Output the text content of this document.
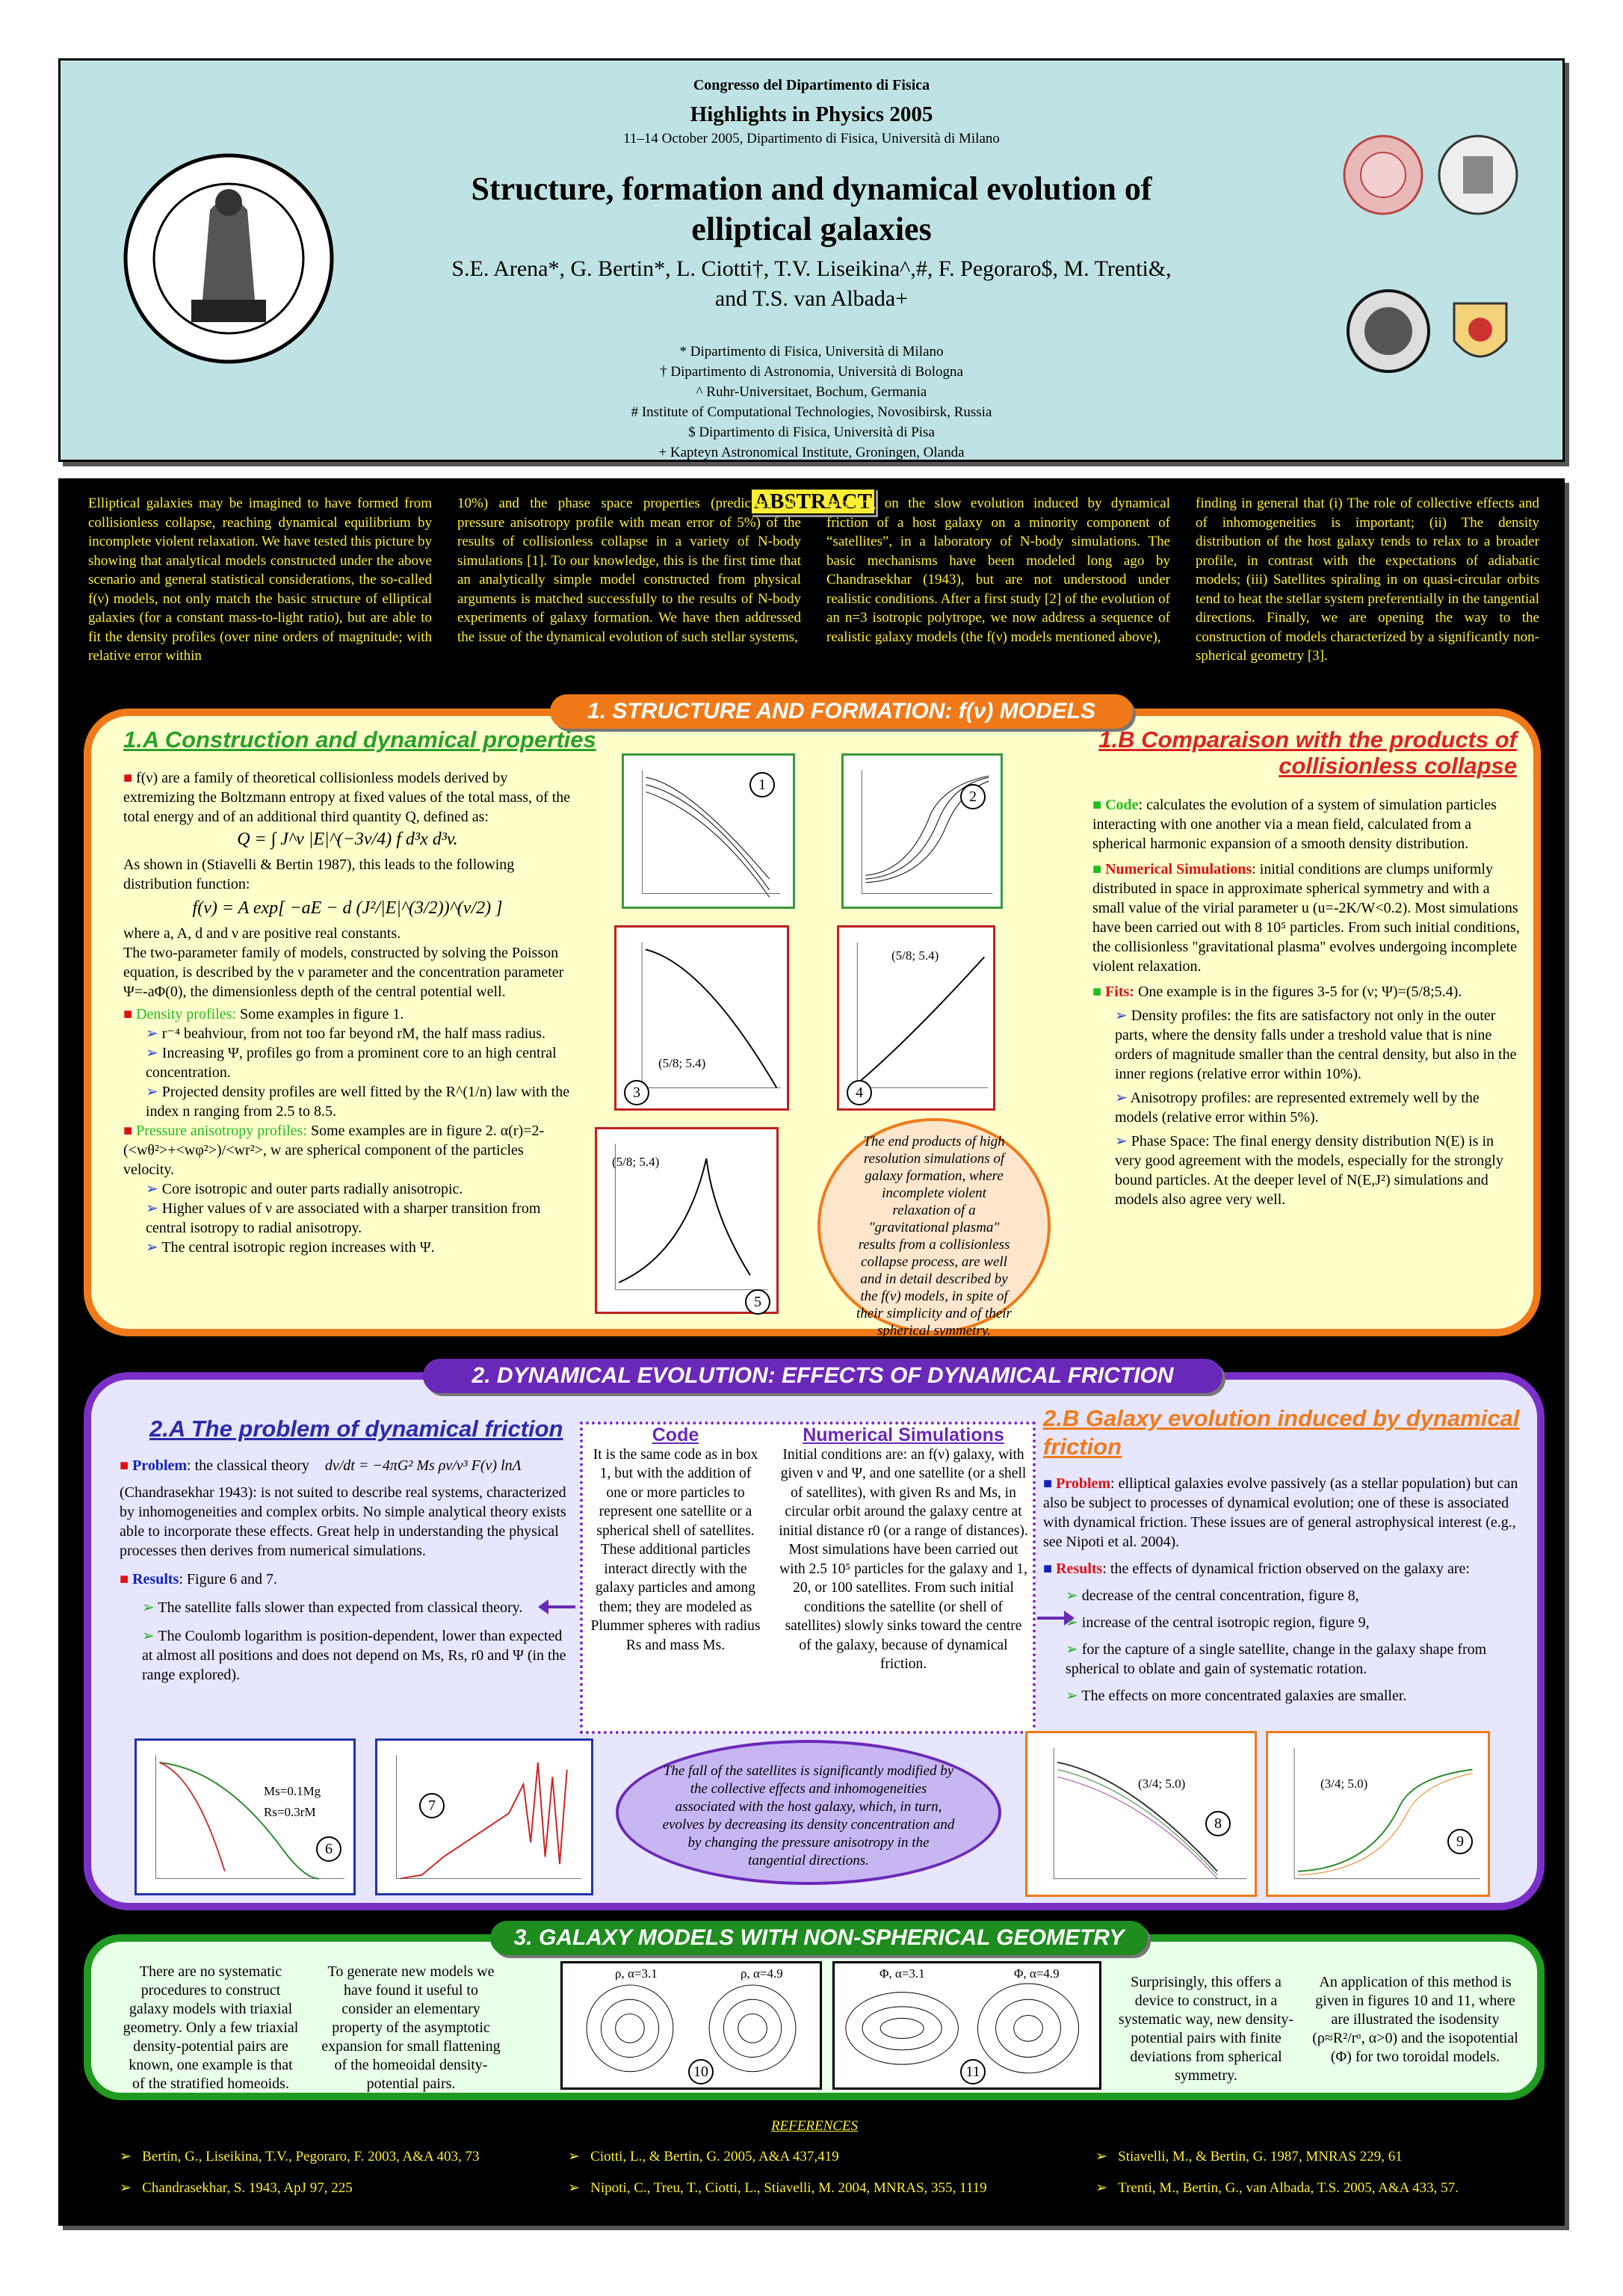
Congresso del Dipartimento di Fisica
Highlights in Physics 2005
11–14 October 2005, Dipartimento di Fisica, Università di Milano
Structure, formation and dynamical evolution of
elliptical galaxies
S.E. Arena*, G. Bertin*, L. Ciotti†, T.V. Liseikina^,#, F. Pegoraro$, M. Trenti&,
and T.S. van Albada+
* Dipartimento di Fisica, Università di Milano
† Dipartimento di Astronomia, Università di Bologna
^ Ruhr-Universitaet, Bochum, Germania
# Institute of Computational Technologies, Novosibirsk, Russia
$ Dipartimento di Fisica, Università di Pisa
+ Kapteyn Astronomical Institute, Groningen, Olanda
ABSTRACT
Elliptical galaxies may be imagined to have formed from collisionless collapse, reaching dynamical equilibrium by incomplete violent relaxation. We have tested this picture by showing that analytical models constructed under the above scenario and general statistical considerations, the so-called f(ν) models, not only match the basic structure of elliptical galaxies (for a constant mass-to-light ratio), but are able to fit the density profiles (over nine orders of magnitude; with relative error within
10%) and the phase space properties (predicting the pressure anisotropy profile with mean error of 5%) of the results of collisionless collapse in a variety of N-body simulations [1]. To our knowledge, this is the first time that an analytically simple model constructed from physical arguments is matched successfully to the results of N-body experiments of galaxy formation. We have then addressed the issue of the dynamical evolution of such stellar systems,
focusing on the slow evolution induced by dynamical friction of a host galaxy on a minority component of “satellites”, in a laboratory of N-body simulations. The basic mechanisms have been modeled long ago by Chandrasekhar (1943), but are not understood under realistic conditions. After a first study [2] of the evolution of an n=3 isotropic polytrope, we now address a sequence of realistic galaxy models (the f(ν) models mentioned above),
finding in general that (i) The role of collective effects and of inhomogeneities is important; (ii) The density distribution of the host galaxy tends to relax to a broader profile, in contrast with the expectations of adiabatic models; (iii) Satellites spiraling in on quasi-circular orbits tend to heat the stellar system preferentially in the tangential directions. Finally, we are opening the way to the construction of models characterized by a significantly non-spherical geometry [3].
1. STRUCTURE AND FORMATION: f(ν) MODELS
1.A Construction and dynamical properties
■ f(ν) are a family of theoretical collisionless models derived by extremizing the Boltzmann entropy at fixed values of the total mass, of the total energy and of an additional third quantity Q, defined as:
Q = ∫ J^ν |E|^(−3ν/4) f d³x d³v.
As shown in (Stiavelli & Bertin 1987), this leads to the following distribution function:
f(ν) = A exp[ −aE − d (J²/|E|^(3/2))^(ν/2) ]
where a, A, d and ν are positive real constants.
The two-parameter family of models, constructed by solving the Poisson equation, is described by the ν parameter and the concentration parameter Ψ=-aΦ(0), the dimensionless depth of the central potential well.
■ Density profiles: Some examples in figure 1.
➢ r⁻⁴ beahviour, from not too far beyond rM, the half mass radius.
➢ Increasing Ψ, profiles go from a prominent core to an high central concentration.
➢ Projected density profiles are well fitted by the R^(1/n) law with the index n ranging from 2.5 to 8.5.
■ Pressure anisotropy profiles: Some examples are in figure 2. α(r)=2-(<wθ²>+<wφ²>)/<wr²>, w are spherical component of the particles velocity.
➢ Core isotropic and outer parts radially anisotropic.
➢ Higher values of ν are associated with a sharper transition from central isotropy to radial anisotropy.
➢ The central isotropic region increases with Ψ.
1
2
(5/8; 5.4)
3
(5/8; 5.4)
4
(5/8; 5.4)
5
The end products of high resolution simulations of galaxy formation, where incomplete violent relaxation of a "gravitational plasma" results from a collisionless collapse process, are well and in detail described by the f(ν) models, in spite of their simplicity and of their spherical symmetry.
1.B Comparaison with the products of
collisionless collapse
■ Code: calculates the evolution of a system of simulation particles interacting with one another via a mean field, calculated from a spherical harmonic expansion of a smooth density distribution.
■ Numerical Simulations: initial conditions are clumps uniformly distributed in space in approximate spherical symmetry and with a small value of the virial parameter u (u=-2K/W<0.2). Most simulations have been carried out with 8 10⁵ particles. From such initial conditions, the collisionless "gravitational plasma" evolves undergoing incomplete violent relaxation.
■ Fits: One example is in the figures 3-5 for (ν; Ψ)=(5/8;5.4).
➢ Density profiles: the fits are satisfactory not only in the outer parts, where the density falls under a treshold value that is nine orders of magnitude smaller than the central density, but also in the inner regions (relative error within 10%).
➢ Anisotropy profiles: are represented extremely well by the models (relative error within 5%).
➢ Phase Space: The final energy density distribution N(E) is in very good agreement with the models, especially for the strongly bound particles. At the deeper level of N(E,J²) simulations and models also agree very well.
2. DYNAMICAL EVOLUTION: EFFECTS OF DYNAMICAL FRICTION
2.A The problem of dynamical friction
■ Problem: the classical theory dv/dt = −4πG² Ms ρv/v³ F(v) lnΛ
(Chandrasekhar 1943): is not suited to describe real systems, characterized by inhomogeneities and complex orbits. No simple analytical theory exists able to incorporate these effects. Great help in understanding the physical processes then derives from numerical simulations.
■ Results: Figure 6 and 7.
➢ The satellite falls slower than expected from classical theory.
➢ The Coulomb logarithm is position-dependent, lower than expected at almost all positions and does not depend on Ms, Rs, r0 and Ψ (in the range explored).
Code
It is the same code as in box 1, but with the addition of one or more particles to represent one satellite or a spherical shell of satellites. These additional particles interact directly with the galaxy particles and among them; they are modeled as Plummer spheres with radius Rs and mass Ms.
Numerical Simulations
Initial conditions are: an f(ν) galaxy, with given ν and Ψ, and one satellite (or a shell of satellites), with given Rs and Ms, in circular orbit around the galaxy centre at initial distance r0 (or a range of distances). Most simulations have been carried out with 2.5 10⁵ particles for the galaxy and 1, 20, or 100 satellites. From such initial conditions the satellite (or shell of satellites) slowly sinks toward the centre of the galaxy, because of dynamical friction.
2.B Galaxy evolution induced by dynamical
friction
■ Problem: elliptical galaxies evolve passively (as a stellar population) but can also be subject to processes of dynamical evolution; one of these is associated with dynamical friction. These issues are of general astrophysical interest (e.g., see Nipoti et al. 2004).
■ Results: the effects of dynamical friction observed on the galaxy are:
➢ decrease of the central concentration, figure 8,
➢ increase of the central isotropic region, figure 9,
➢ for the capture of a single satellite, change in the galaxy shape from spherical to oblate and gain of systematic rotation.
➢ The effects on more concentrated galaxies are smaller.
Ms=0.1Mg
Rs=0.3rM
6
7
The fall of the satellites is significantly modified by the collective effects and inhomogeneities associated with the host galaxy, which, in turn, evolves by decreasing its density concentration and by changing the pressure anisotropy in the tangential directions.
(3/4; 5.0)
8
(3/4; 5.0)
9
3. GALAXY MODELS WITH NON-SPHERICAL GEOMETRY
There are no systematic procedures to construct galaxy models with triaxial geometry. Only a few triaxial density-potential pairs are known, one example is that of the stratified homeoids.
To generate new models we have found it useful to consider an elementary property of the asymptotic expansion for small flattening of the homeoidal density-potential pairs.
ρ, α=3.1	ρ, α=4.9
10
Φ, α=3.1	Φ, α=4.9
11
Surprisingly, this offers a device to construct, in a systematic way, new density-potential pairs with finite deviations from spherical symmetry.
An application of this method is given in figures 10 and 11, where are illustrated the isodensity (ρ≈R²/rᵅ, α>0) and the isopotential (Φ) for two toroidal models.
REFERENCES
➢   Bertin, G., Liseikina, T.V., Pegoraro, F. 2003, A&A 403, 73	➢   Ciotti, L., & Bertin, G. 2005, A&A 437,419	➢   Stiavelli, M., & Bertin, G. 1987, MNRAS 229, 61
➢   Chandrasekhar, S. 1943, ApJ 97, 225	➢   Nipoti, C., Treu, T., Ciotti, L., Stiavelli, M. 2004, MNRAS, 355, 1119	➢   Trenti, M., Bertin, G., van Albada, T.S. 2005, A&A 433, 57.
